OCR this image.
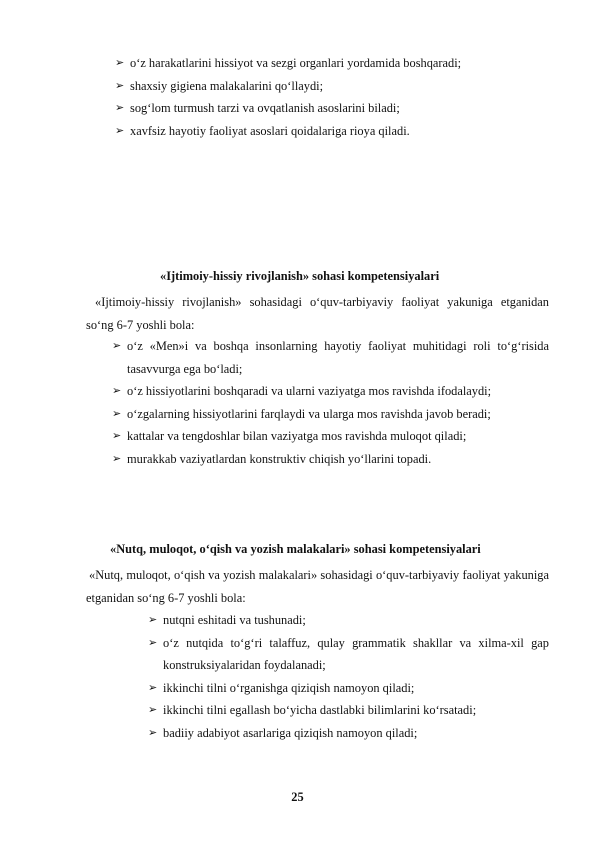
➢ o‘z harakatlarini hissiyot va sezgi organlari yordamida boshqaradi;
➢ shaxsiy gigiena malakalarini qo‘llaydi;
➢ sog‘lom turmush tarzi va ovqatlanish asoslarini biladi;
➢ xavfsiz hayotiy faoliyat asoslari qoidalariga rioya qiladi.
«Ijtimoiy-hissiy rivojlanish» sohasi kompetensiyalari
«Ijtimoiy-hissiy rivojlanish» sohasidagi o‘quv-tarbiyaviy faoliyat yakuniga etganidan so‘ng 6-7 yoshli bola:
➢ o‘z «Men»i va boshqa insonlarning hayotiy faoliyat muhitidagi roli to‘g‘risida tasavvurga ega bo‘ladi;
➢ o‘z hissiyotlarini boshqaradi va ularni vaziyatga mos ravishda ifodalaydi;
➢ o‘zgalarning hissiyotlarini farqlaydi va ularga mos ravishda javob beradi;
➢ kattalar va tengdoshlar bilan vaziyatga mos ravishda muloqot qiladi;
➢ murakkab vaziyatlardan konstruktiv chiqish yo‘llarini topadi.
«Nutq, muloqot, o‘qish va yozish malakalari» sohasi kompetensiyalari
«Nutq, muloqot, o‘qish va yozish malakalari» sohasidagi o‘quv-tarbiyaviy faoliyat yakuniga etganidan so‘ng 6-7 yoshli bola:
➢ nutqni eshitadi va tushunadi;
➢ o‘z nutqida to‘g‘ri talaffuz, qulay grammatik shakllar va xilma-xil gap konstruksiyalaridan foydalanadi;
➢ ikkinchi tilni o‘rganishga qiziqish namoyon qiladi;
➢ ikkinchi tilni egallash bo‘yicha dastlabki bilimlarini ko‘rsatadi;
➢ badiiy adabiyot asarlariga qiziqish namoyon qiladi;
25
